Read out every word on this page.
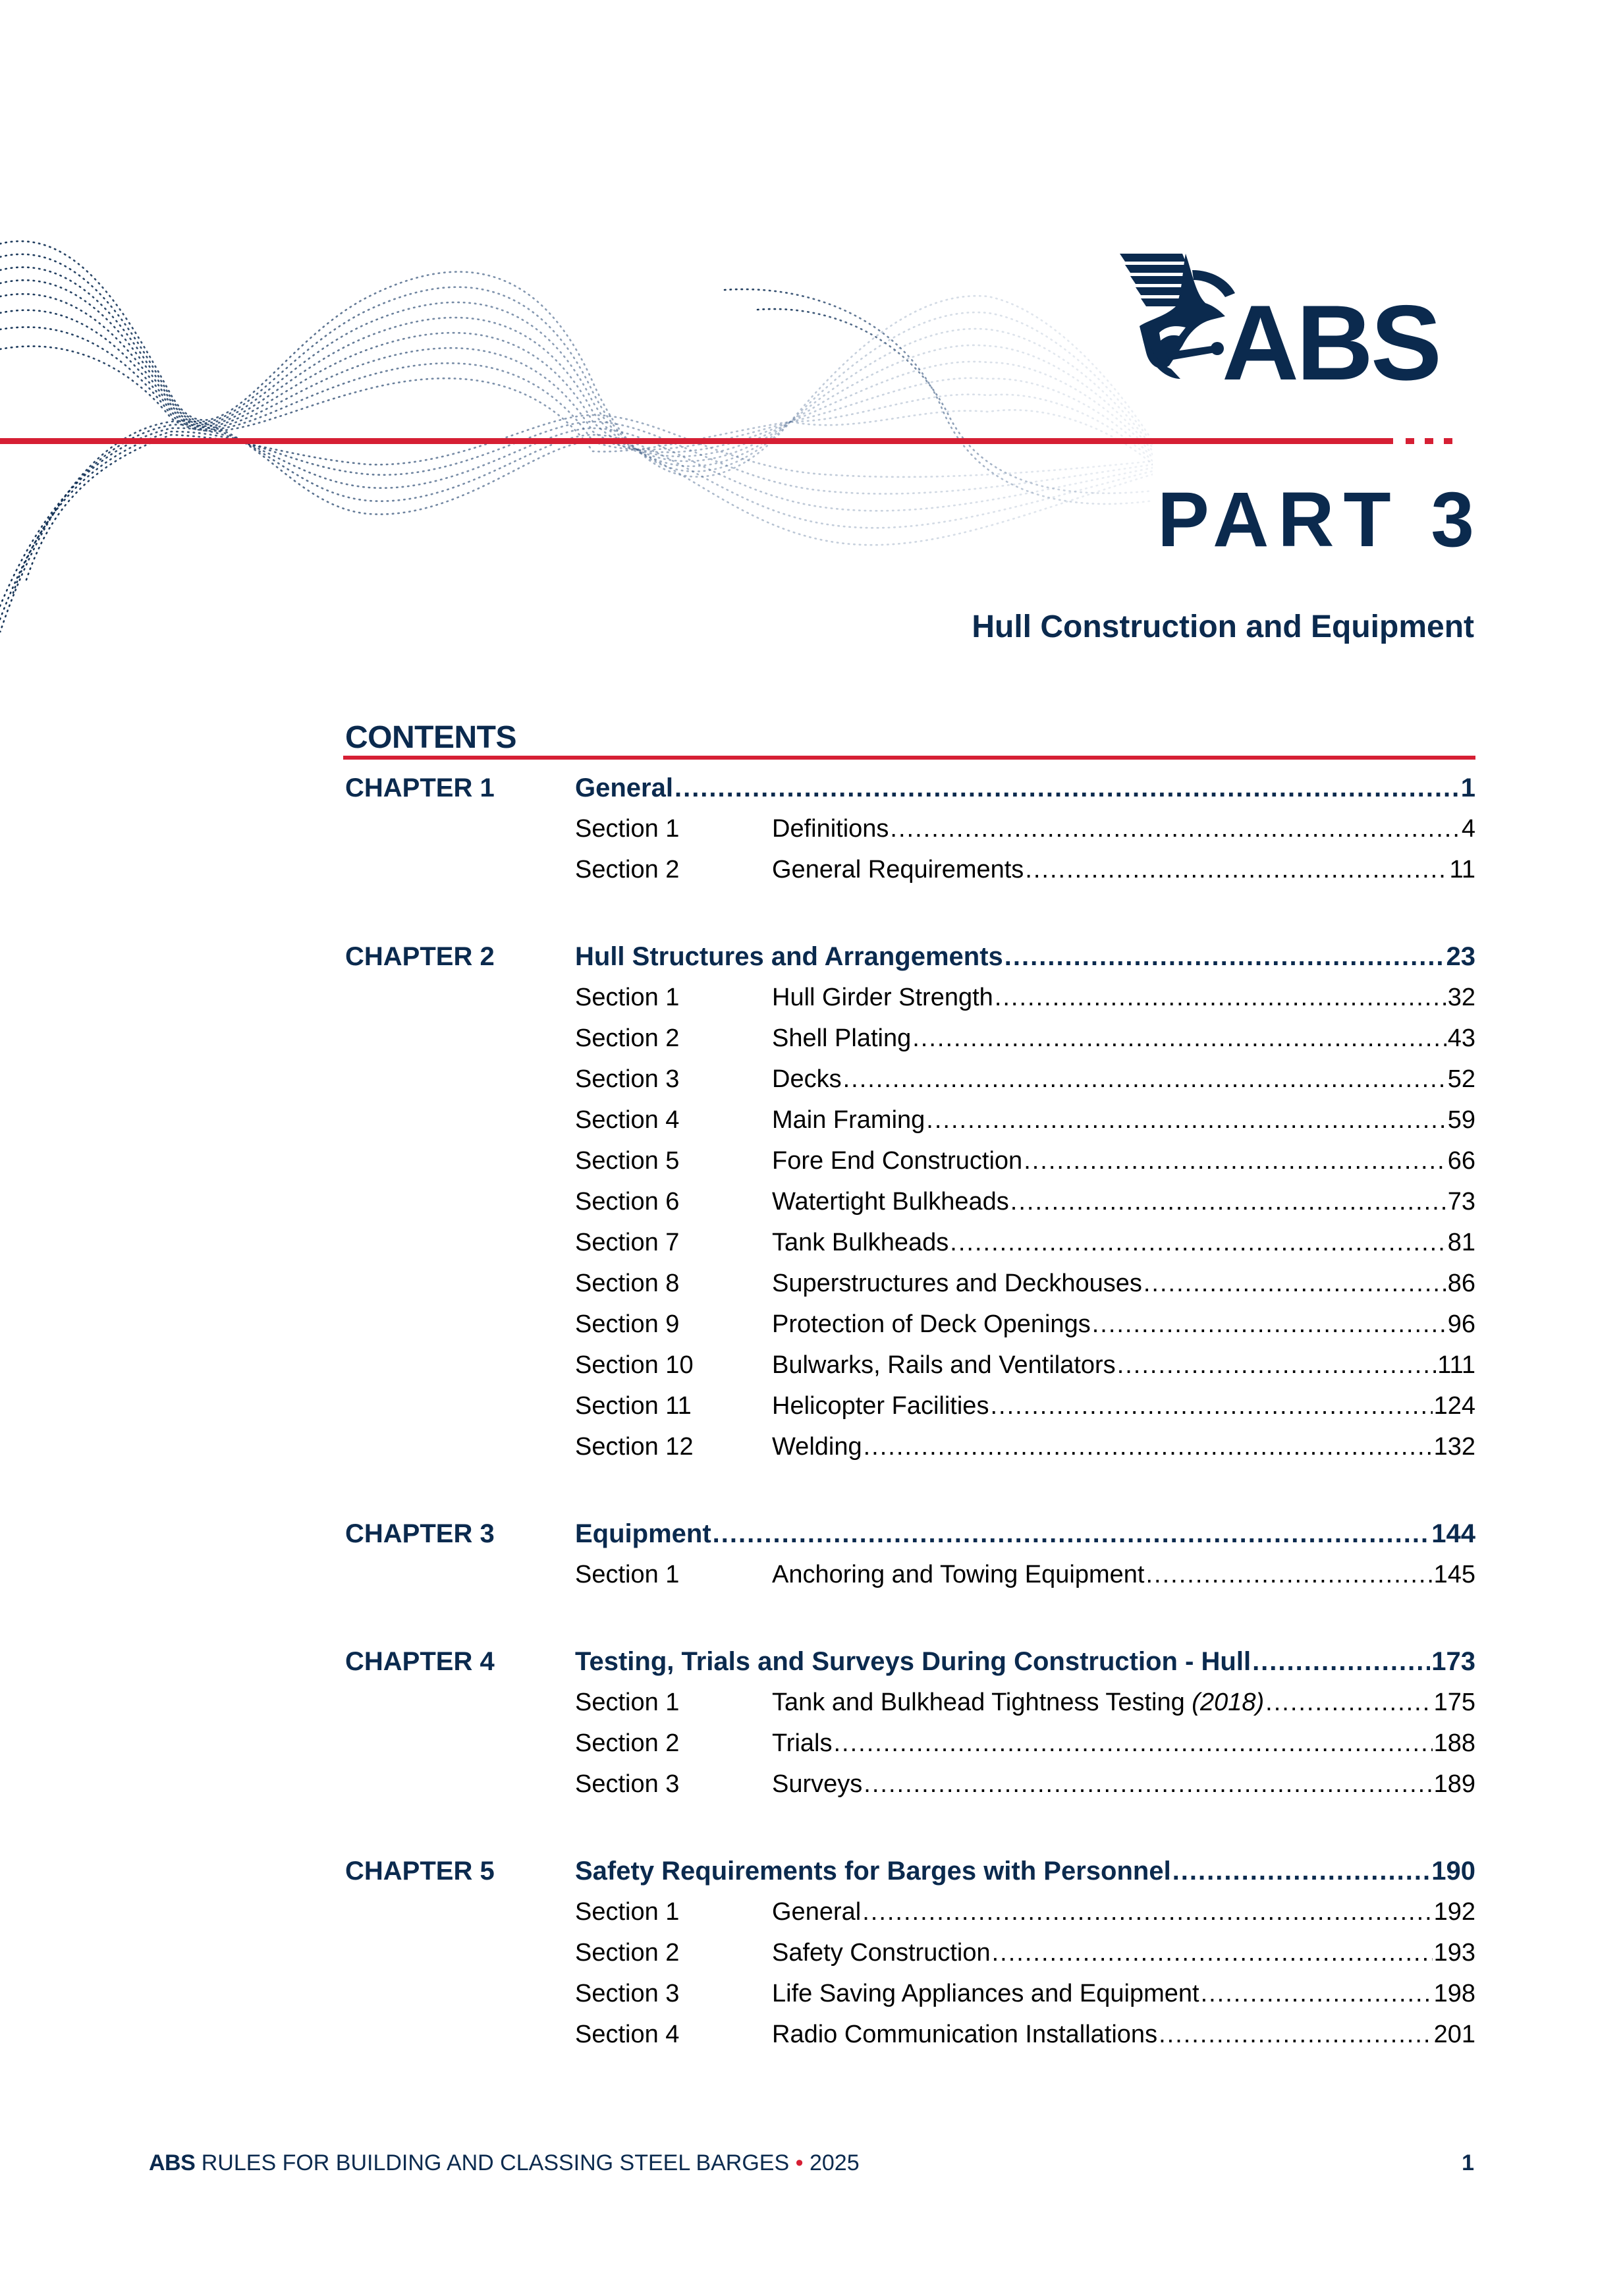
ABS
PART 3
Hull Construction and Equipment
CONTENTS
CHAPTER 1	General .....	1
Section 1	Definitions .....	4
Section 2	General Requirements .....	11
CHAPTER 2	Hull Structures and Arrangements .....	23
Section 1	Hull Girder Strength .....	32
Section 2	Shell Plating .....	43
Section 3	Decks .....	52
Section 4	Main Framing .....	59
Section 5	Fore End Construction .....	66
Section 6	Watertight Bulkheads .....	73
Section 7	Tank Bulkheads .....	81
Section 8	Superstructures and Deckhouses .....	86
Section 9	Protection of Deck Openings .....	96
Section 10	Bulwarks, Rails and Ventilators .....	111
Section 11	Helicopter Facilities .....	124
Section 12	Welding .....	132
CHAPTER 3	Equipment .....	144
Section 1	Anchoring and Towing Equipment .....	145
CHAPTER 4	Testing, Trials and Surveys During Construction - Hull .....	173
Section 1	Tank and Bulkhead Tightness Testing (2018) .....	175
Section 2	Trials .....	188
Section 3	Surveys .....	189
CHAPTER 5	Safety Requirements for Barges with Personnel .....	190
Section 1	General .....	192
Section 2	Safety Construction .....	193
Section 3	Life Saving Appliances and Equipment .....	198
Section 4	Radio Communication Installations .....	201
ABS RULES FOR BUILDING AND CLASSING STEEL BARGES • 2025	1
